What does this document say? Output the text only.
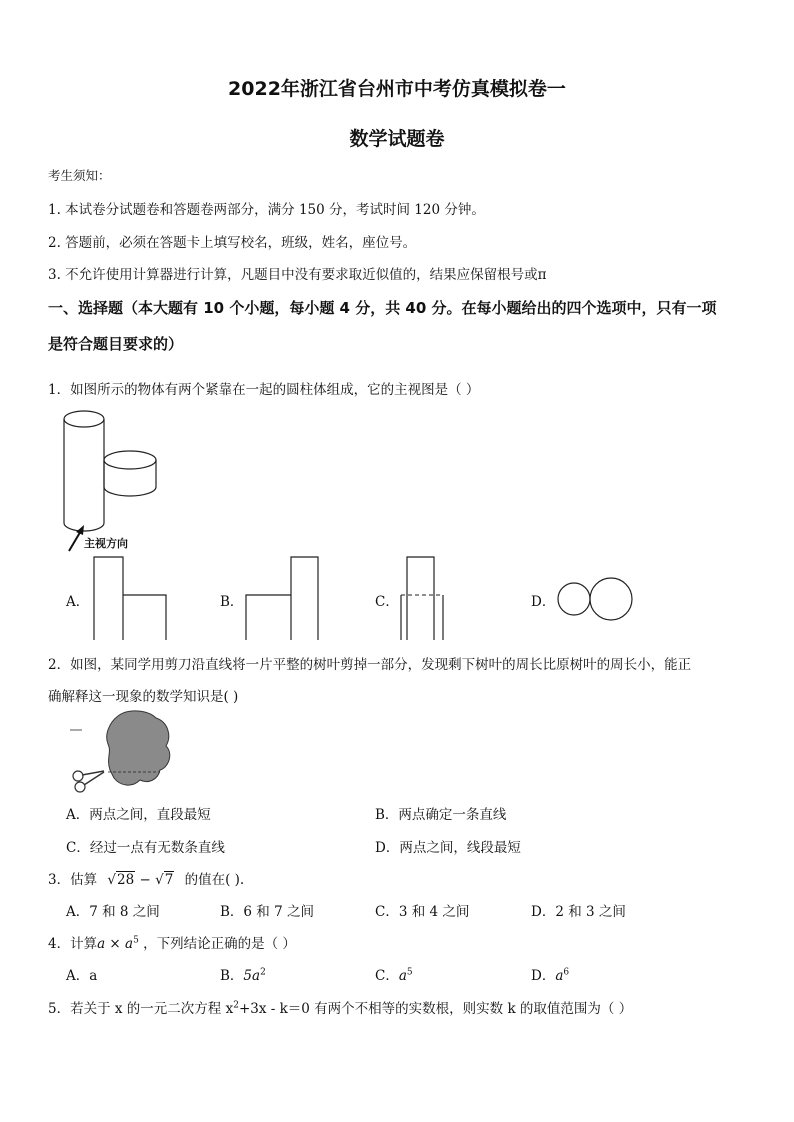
2022年浙江省台州市中考仿真模拟卷一
数学试题卷
考生须知：
1. 本试卷分试题卷和答题卷两部分，满分 150 分，考试时间 120 分钟。
2. 答题前，必须在答题卡上填写校名，班级，姓名，座位号。
3. 不允许使用计算器进行计算，凡题目中没有要求取近似值的，结果应保留根号或π
一、选择题（本大题有 10 个小题，每小题 4 分，共 40 分。在每小题给出的四个选项中，只有一项
是符合题目要求的）
1．如图所示的物体有两个紧靠在一起的圆柱体组成，它的主视图是（ ）
主视方向
A．	B．	C．	D．
2．如图，某同学用剪刀沿直线将一片平整的树叶剪掉一部分，发现剩下树叶的周长比原树叶的周长小，能正
确解释这一现象的数学知识是( )
A．两点之间，直段最短	B．两点确定一条直线
C．经过一点有无数条直线	D．两点之间，线段最短
3．估算 √28 − √7 的值在( ).
A．7 和 8 之间	B．6 和 7 之间	C．3 和 4 之间	D．2 和 3 之间
4．计算$a \times a^5$ ，下列结论正确的是（ ）
A．a	B．$5a^2$	C．$a^5$	D．$a^6$
5．若关于 x 的一元二次方程 $x^2+3x - k=0$ 有两个不相等的实数根，则实数 k 的取值范围为（ ）
